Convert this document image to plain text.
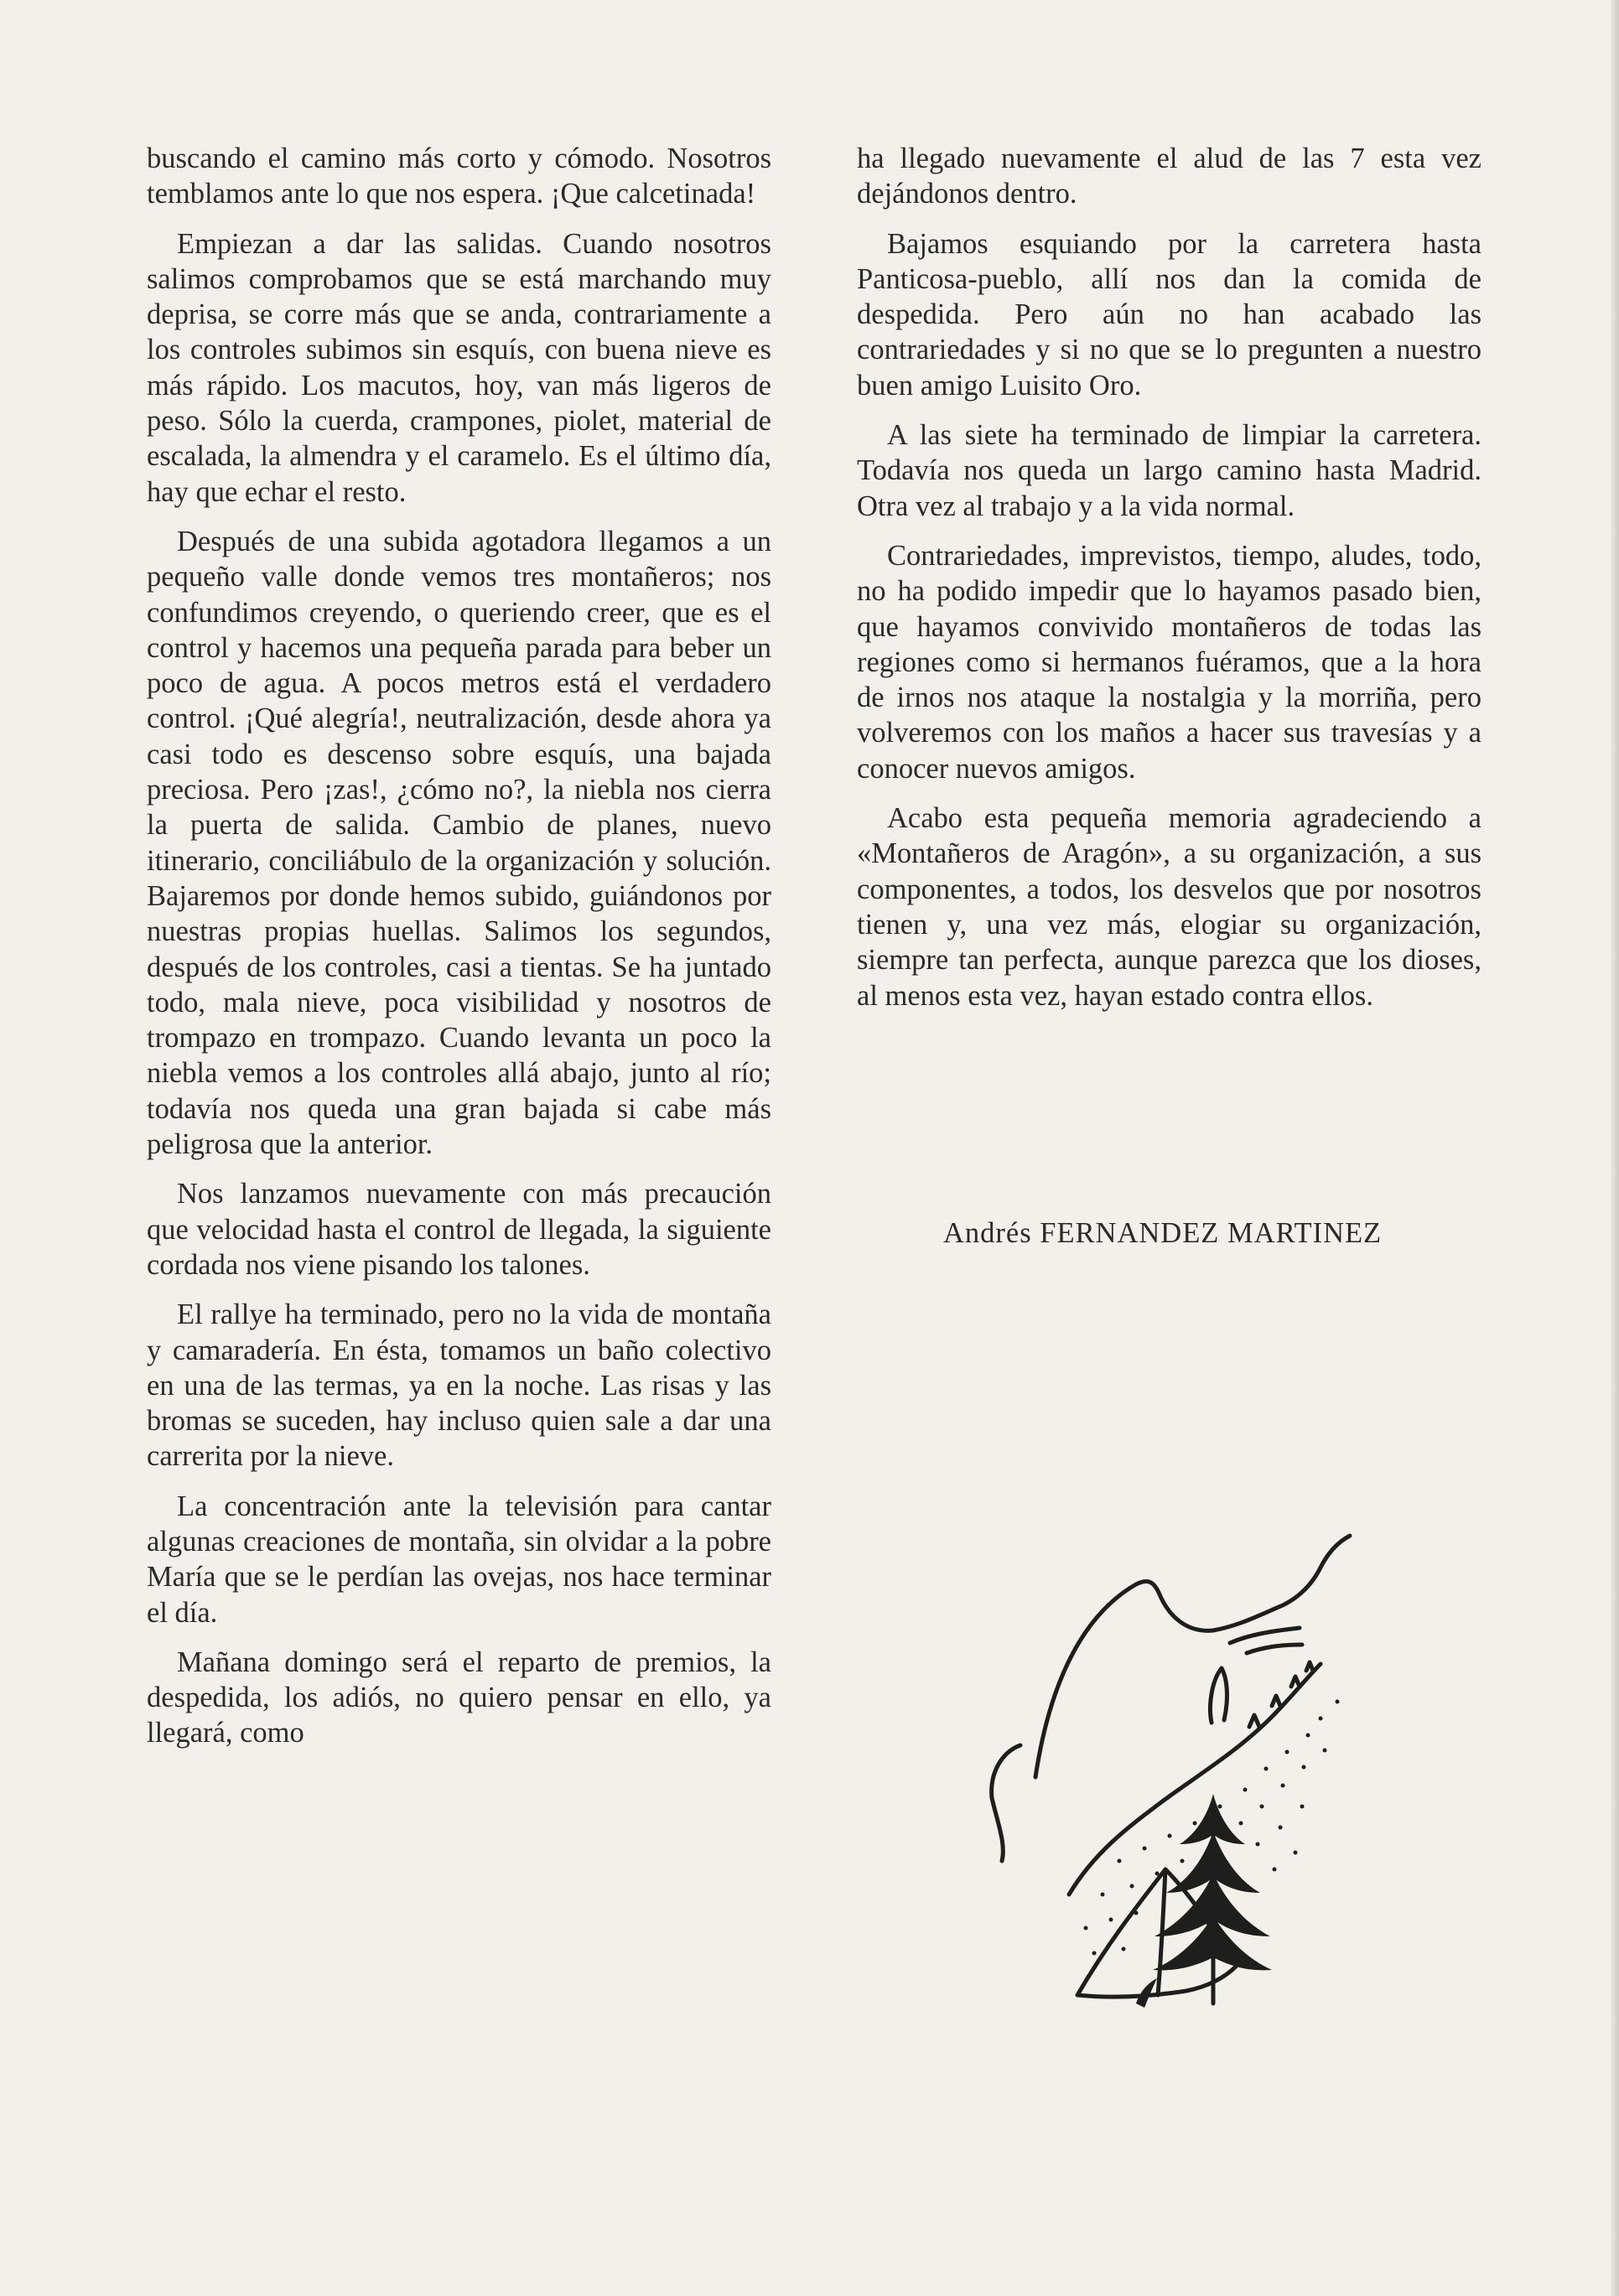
buscando el camino más corto y cómodo. Nosotros temblamos ante lo que nos espera. ¡Que calcetinada!

Empiezan a dar las salidas. Cuando nosotros salimos comprobamos que se está marchando muy deprisa, se corre más que se anda, contrariamente a los controles subimos sin esquís, con buena nieve es más rápido. Los macutos, hoy, van más ligeros de peso. Sólo la cuerda, crampones, piolet, material de escalada, la almendra y el caramelo. Es el último día, hay que echar el resto.

Después de una subida agotadora llegamos a un pequeño valle donde vemos tres montañeros; nos confundimos creyendo, o queriendo creer, que es el control y hacemos una pequeña parada para beber un poco de agua. A pocos metros está el verdadero control. ¡Qué alegría!, neutralización, desde ahora ya casi todo es descenso sobre esquís, una bajada preciosa. Pero ¡zas!, ¿cómo no?, la niebla nos cierra la puerta de salida. Cambio de planes, nuevo itinerario, conciliábulo de la organización y solución. Bajaremos por donde hemos subido, guiándonos por nuestras propias huellas. Salimos los segundos, después de los controles, casi a tientas. Se ha juntado todo, mala nieve, poca visibilidad y nosotros de trompazo en trompazo. Cuando levanta un poco la niebla vemos a los controles allá abajo, junto al río; todavía nos queda una gran bajada si cabe más peligrosa que la anterior.

Nos lanzamos nuevamente con más precaución que velocidad hasta el control de llegada, la siguiente cordada nos viene pisando los talones.

El rallye ha terminado, pero no la vida de montaña y camaradería. En ésta, tomamos un baño colectivo en una de las termas, ya en la noche. Las risas y las bromas se suceden, hay incluso quien sale a dar una carrerita por la nieve.

La concentración ante la televisión para cantar algunas creaciones de montaña, sin olvidar a la pobre María que se le perdían las ovejas, nos hace terminar el día.

Mañana domingo será el reparto de premios, la despedida, los adiós, no quiero pensar en ello, ya llegará, como

ha llegado nuevamente el alud de las 7 esta vez dejándonos dentro.

Bajamos esquiando por la carretera hasta Panticosa-pueblo, allí nos dan la comida de despedida. Pero aún no han acabado las contrariedades y si no que se lo pregunten a nuestro buen amigo Luisito Oro.

A las siete ha terminado de limpiar la carretera. Todavía nos queda un largo camino hasta Madrid. Otra vez al trabajo y a la vida normal.

Contrariedades, imprevistos, tiempo, aludes, todo, no ha podido impedir que lo hayamos pasado bien, que hayamos convivido montañeros de todas las regiones como si hermanos fuéramos, que a la hora de irnos nos ataque la nostalgia y la morriña, pero volveremos con los maños a hacer sus travesías y a conocer nuevos amigos.

Acabo esta pequeña memoria agradeciendo a «Montañeros de Aragón», a su organización, a sus componentes, a todos, los desvelos que por nosotros tienen y, una vez más, elogiar su organización, siempre tan perfecta, aunque parezca que los dioses, al menos esta vez, hayan estado contra ellos.

Andrés FERNANDEZ MARTINEZ
